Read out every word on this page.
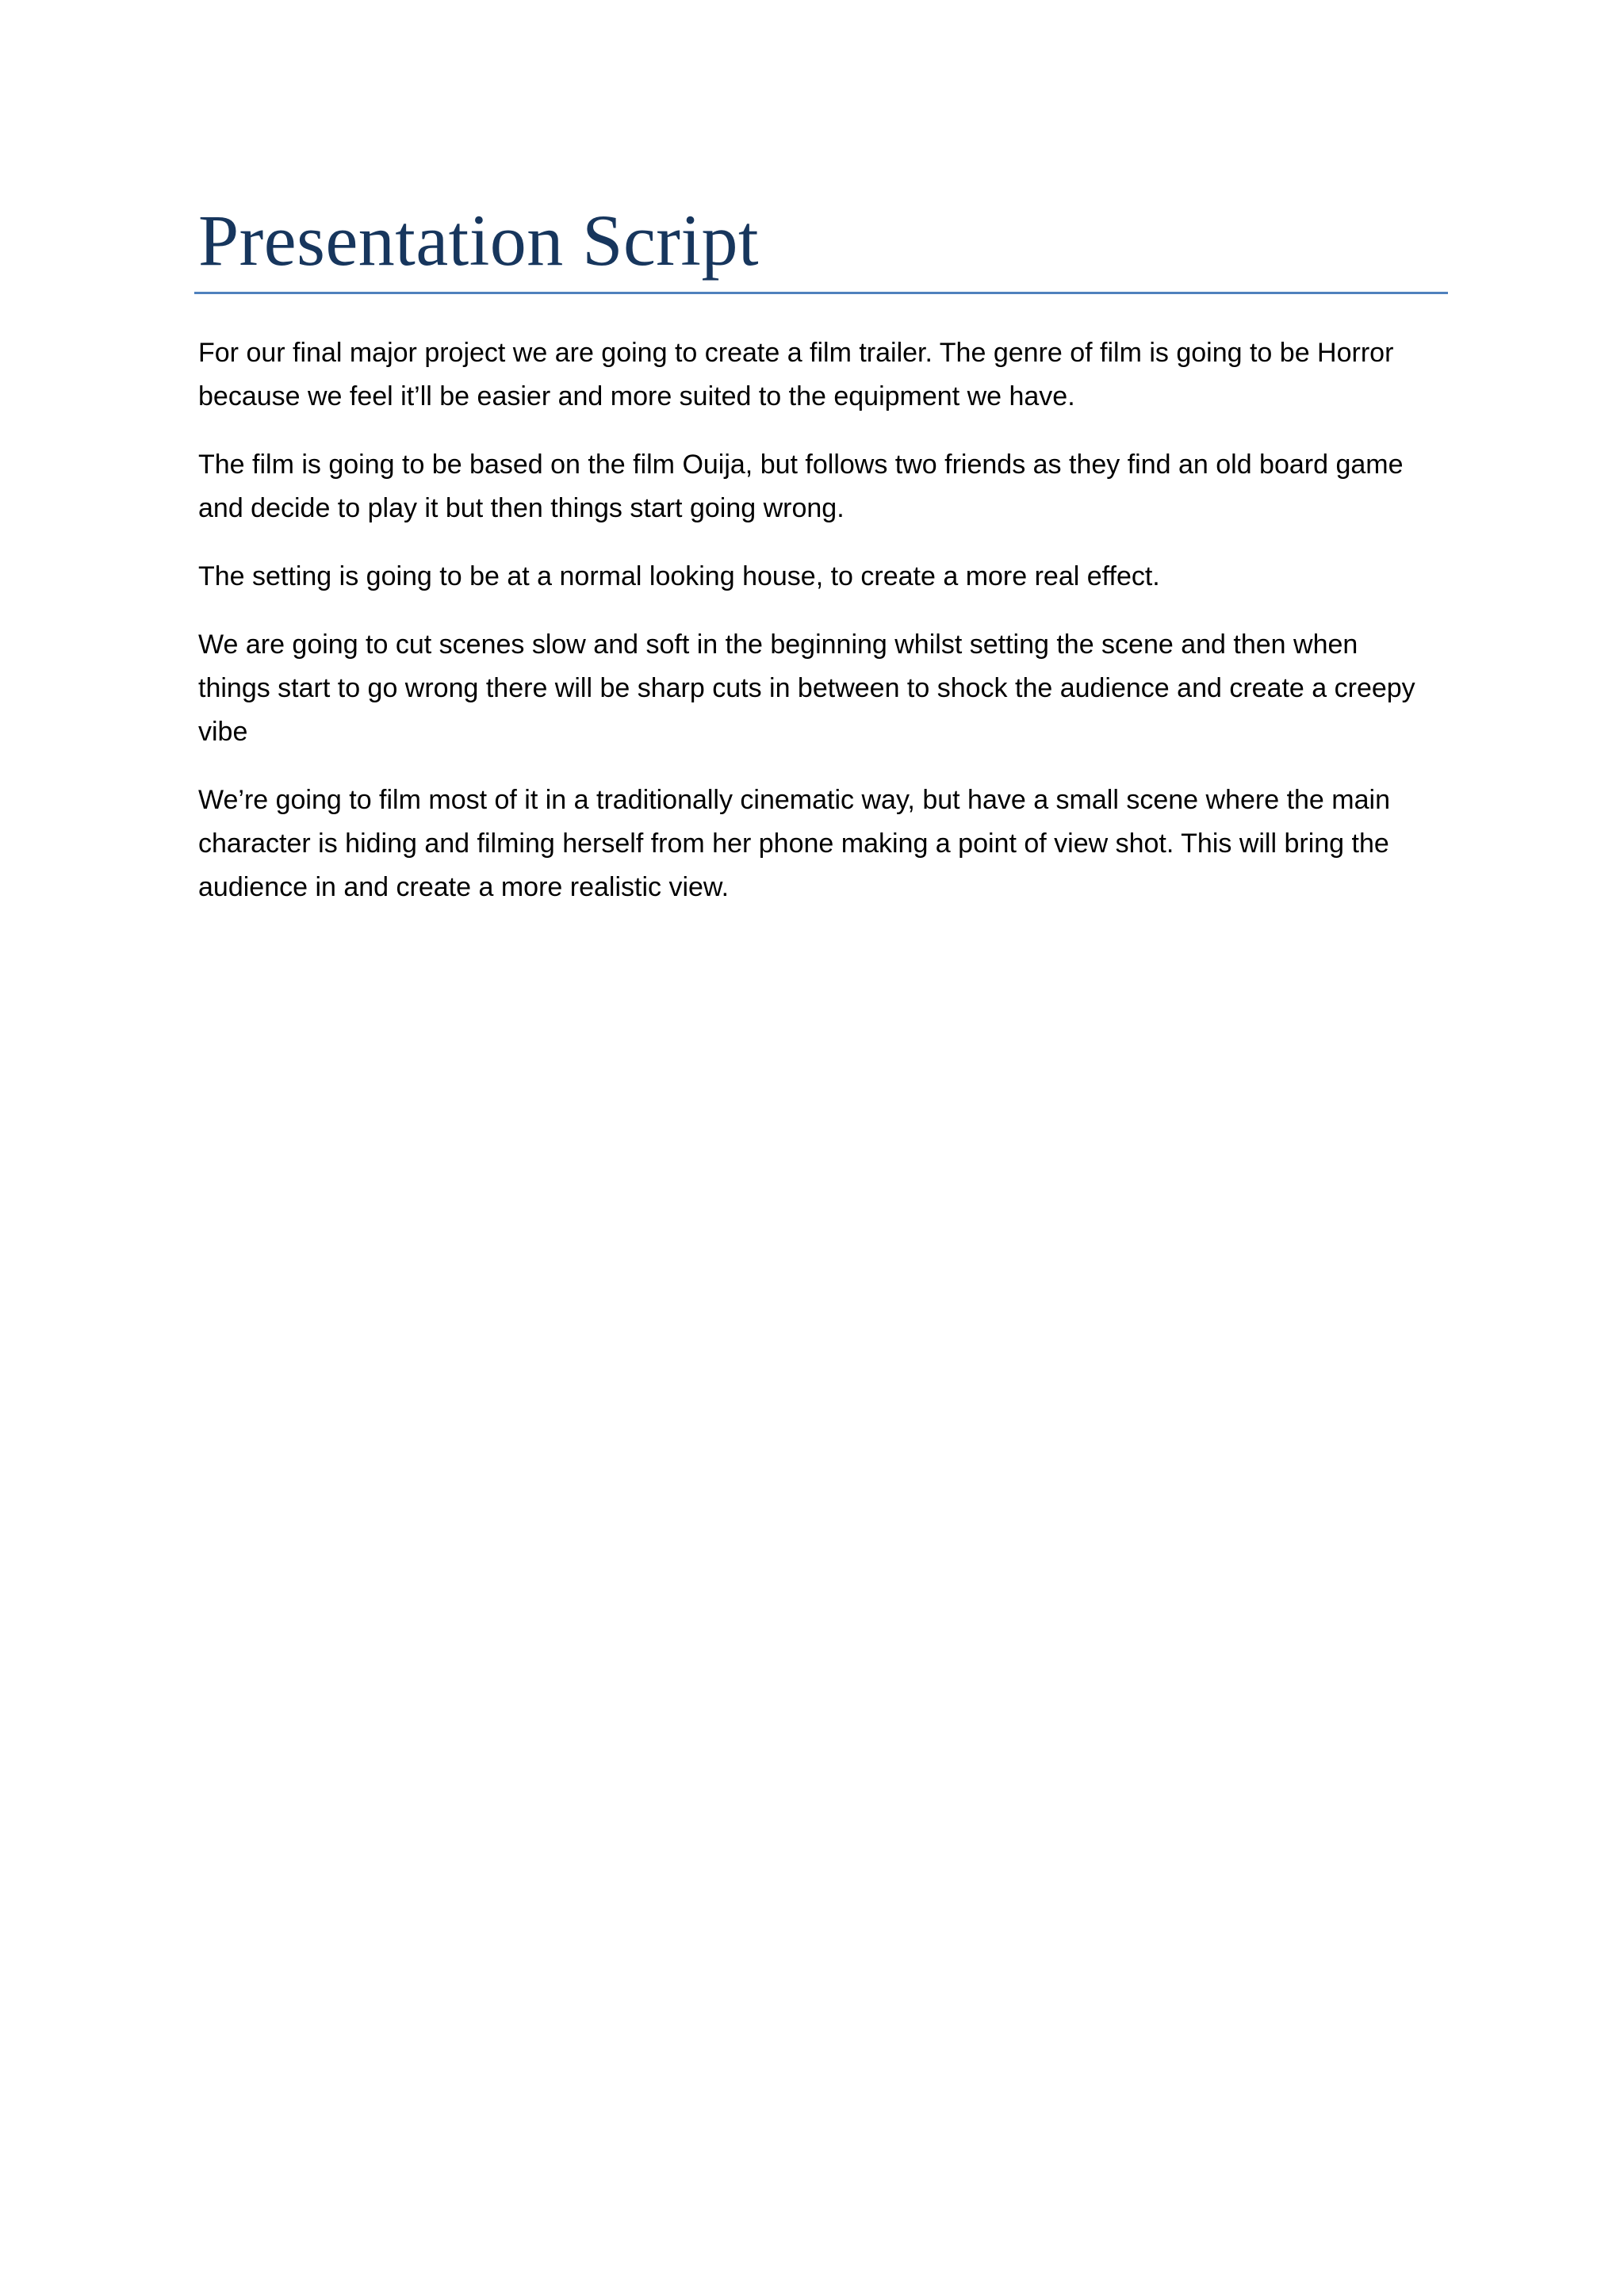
Presentation Script

For our final major project we are going to create a film trailer. The genre of film is going to be Horror because we feel it’ll be easier and more suited to the equipment we have.

The film is going to be based on the film Ouija, but follows two friends as they find an old board game and decide to play it but then things start going wrong.

The setting is going to be at a normal looking house, to create a more real effect.

We are going to cut scenes slow and soft in the beginning whilst setting the scene and then when things start to go wrong there will be sharp cuts in between to shock the audience and create a creepy vibe

We’re going to film most of it in a traditionally cinematic way, but have a small scene where the main character is hiding and filming herself from her phone making a point of view shot. This will bring the audience in and create a more realistic view.
